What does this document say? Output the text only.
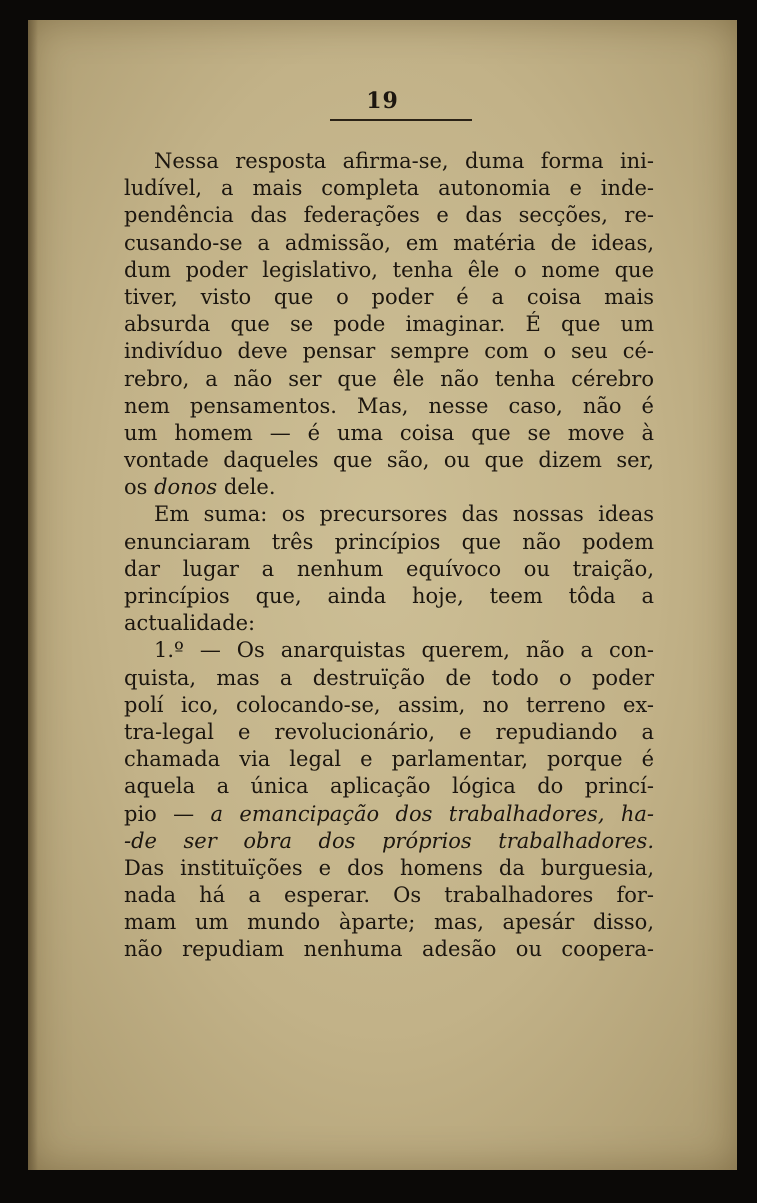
19
Nessa resposta afirma-se, duma forma ini-
ludível, a mais completa autonomia e inde-
pendência das federações e das secções, re-
cusando-se a admissão, em matéria de ideas,
dum poder legislativo, tenha êle o nome que
tiver, visto que o poder é a coisa mais
absurda que se pode imaginar. É que um
indivíduo deve pensar sempre com o seu cé-
rebro, a não ser que êle não tenha cérebro
nem pensamentos. Mas, nesse caso, não é
um homem — é uma coisa que se move à
vontade daqueles que são, ou que dizem ser,
os donos dele.
Em suma: os precursores das nossas ideas
enunciaram três princípios que não podem
dar lugar a nenhum equívoco ou traição,
princípios que, ainda hoje, teem tôda a
actualidade:
1.º — Os anarquistas querem, não a con-
quista, mas a destruïção de todo o poder
polí ico, colocando-se, assim, no terreno ex-
tra-legal e revolucionário, e repudiando a
chamada via legal e parlamentar, porque é
aquela a única aplicação lógica do princí-
pio — a emancipação dos trabalhadores, ha-
-de ser obra dos próprios trabalhadores.
Das instituïções e dos homens da burguesia,
nada há a esperar. Os trabalhadores for-
mam um mundo àparte; mas, apesár disso,
não repudiam nenhuma adesão ou coopera-
